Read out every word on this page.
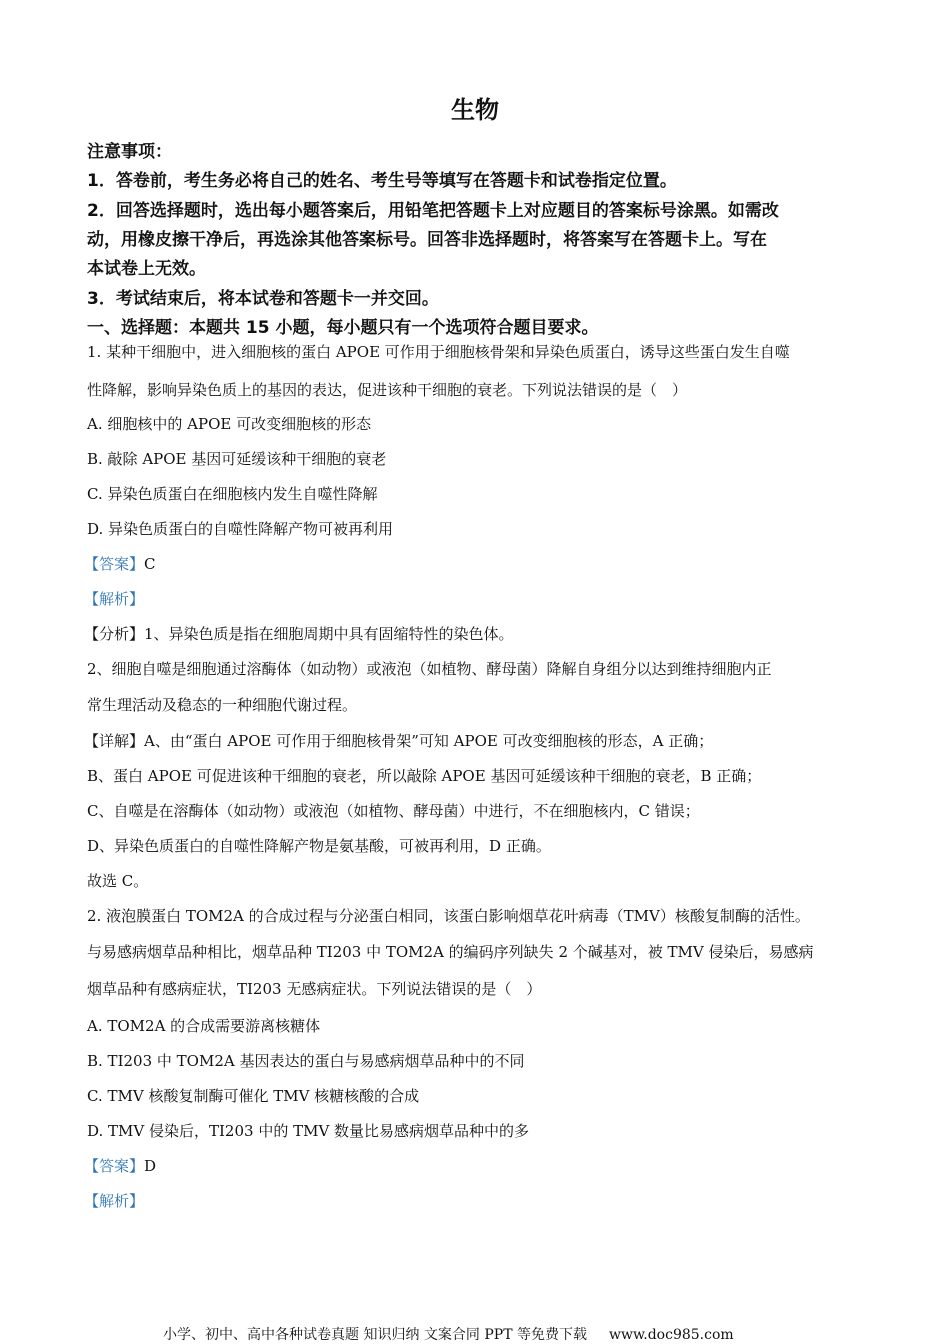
生物
注意事项：
1．答卷前，考生务必将自己的姓名、考生号等填写在答题卡和试卷指定位置。
2．回答选择题时，选出每小题答案后，用铅笔把答题卡上对应题目的答案标号涂黑。如需改
动，用橡皮擦干净后，再选涂其他答案标号。回答非选择题时，将答案写在答题卡上。写在
本试卷上无效。
3．考试结束后，将本试卷和答题卡一并交回。
一、选择题：本题共 15 小题，每小题只有一个选项符合题目要求。
1. 某种干细胞中，进入细胞核的蛋白 APOE 可作用于细胞核骨架和异染色质蛋白，诱导这些蛋白发生自噬
性降解，影响异染色质上的基因的表达，促进该种干细胞的衰老。下列说法错误的是（　）
A. 细胞核中的 APOE 可改变细胞核的形态
B. 敲除 APOE 基因可延缓该种干细胞的衰老
C. 异染色质蛋白在细胞核内发生自噬性降解
D. 异染色质蛋白的自噬性降解产物可被再利用
【答案】C
【解析】
【分析】1、异染色质是指在细胞周期中具有固缩特性的染色体。
2、细胞自噬是细胞通过溶酶体（如动物）或液泡（如植物、酵母菌）降解自身组分以达到维持细胞内正
常生理活动及稳态的一种细胞代谢过程。
【详解】A、由“蛋白 APOE 可作用于细胞核骨架”可知 APOE 可改变细胞核的形态，A 正确；
B、蛋白 APOE 可促进该种干细胞的衰老，所以敲除 APOE 基因可延缓该种干细胞的衰老，B 正确；
C、自噬是在溶酶体（如动物）或液泡（如植物、酵母菌）中进行，不在细胞核内，C 错误；
D、异染色质蛋白的自噬性降解产物是氨基酸，可被再利用，D 正确。
故选 C。
2. 液泡膜蛋白 TOM2A 的合成过程与分泌蛋白相同，该蛋白影响烟草花叶病毒（TMV）核酸复制酶的活性。
与易感病烟草品种相比，烟草品种 TI203 中 TOM2A 的编码序列缺失 2 个碱基对，被 TMV 侵染后，易感病
烟草品种有感病症状，TI203 无感病症状。下列说法错误的是（　）
A. TOM2A 的合成需要游离核糖体
B. TI203 中 TOM2A 基因表达的蛋白与易感病烟草品种中的不同
C. TMV 核酸复制酶可催化 TMV 核糖核酸的合成
D. TMV 侵染后，TI203 中的 TMV 数量比易感病烟草品种中的多
【答案】D
【解析】
小学、初中、高中各种试卷真题 知识归纳 文案合同 PPT 等免费下载 www.doc985.com
